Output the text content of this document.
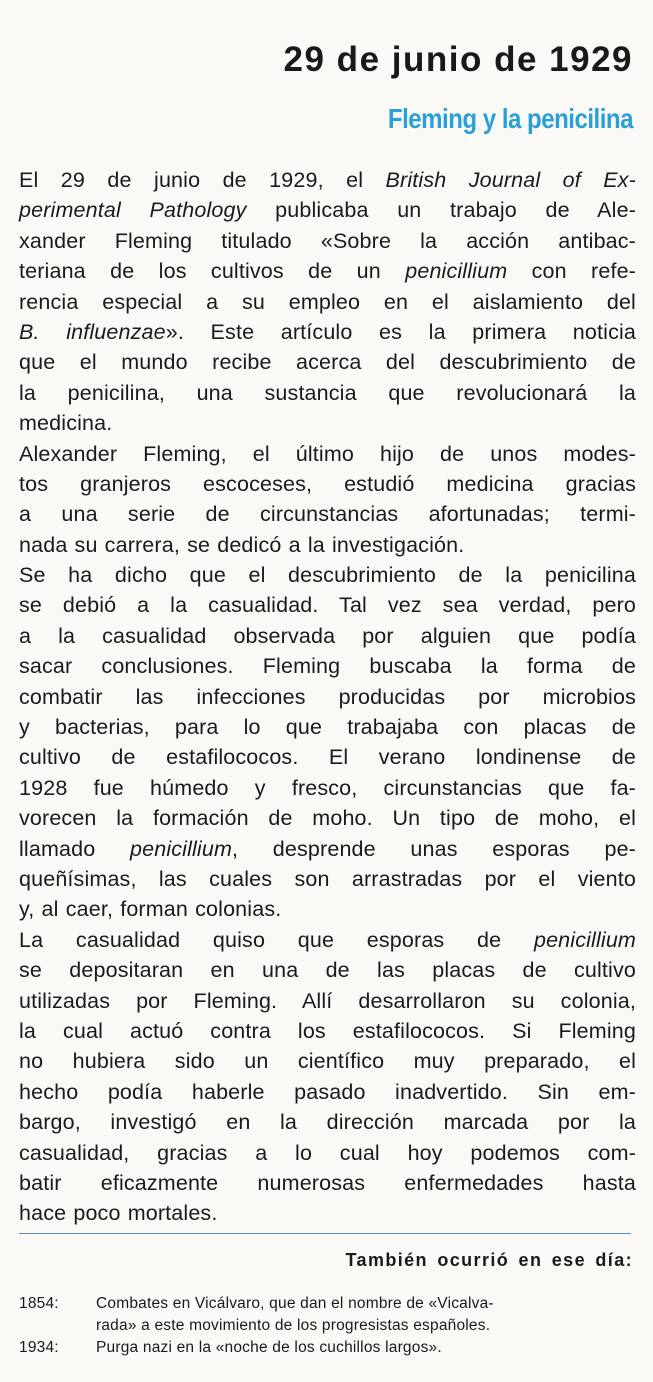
29 de junio de 1929
Fleming y la penicilina
El 29 de junio de 1929, el British Journal of Ex-
perimental Pathology publicaba un trabajo de Ale-
xander Fleming titulado «Sobre la acción antibac-
teriana de los cultivos de un penicillium con refe-
rencia especial a su empleo en el aislamiento del
B. influenzae». Este artículo es la primera noticia
que el mundo recibe acerca del descubrimiento de
la penicilina, una sustancia que revolucionará la
medicina.
Alexander Fleming, el último hijo de unos modes-
tos granjeros escoceses, estudió medicina gracias
a una serie de circunstancias afortunadas; termi-
nada su carrera, se dedicó a la investigación.
Se ha dicho que el descubrimiento de la penicilina
se debió a la casualidad. Tal vez sea verdad, pero
a la casualidad observada por alguien que podía
sacar conclusiones. Fleming buscaba la forma de
combatir las infecciones producidas por microbios
y bacterias, para lo que trabajaba con placas de
cultivo de estafilococos. El verano londinense de
1928 fue húmedo y fresco, circunstancias que fa-
vorecen la formación de moho. Un tipo de moho, el
llamado penicillium, desprende unas esporas pe-
queñísimas, las cuales son arrastradas por el viento
y, al caer, forman colonias.
La casualidad quiso que esporas de penicillium
se depositaran en una de las placas de cultivo
utilizadas por Fleming. Allí desarrollaron su colonia,
la cual actuó contra los estafilococos. Si Fleming
no hubiera sido un científico muy preparado, el
hecho podía haberle pasado inadvertido. Sin em-
bargo, investigó en la dirección marcada por la
casualidad, gracias a lo cual hoy podemos com-
batir eficazmente numerosas enfermedades hasta
hace poco mortales.
También ocurrió en ese día:
1854: Combates en Vicálvaro, que dan el nombre de «Vicalva-
rada» a este movimiento de los progresistas españoles.
1934: Purga nazi en la «noche de los cuchillos largos».
